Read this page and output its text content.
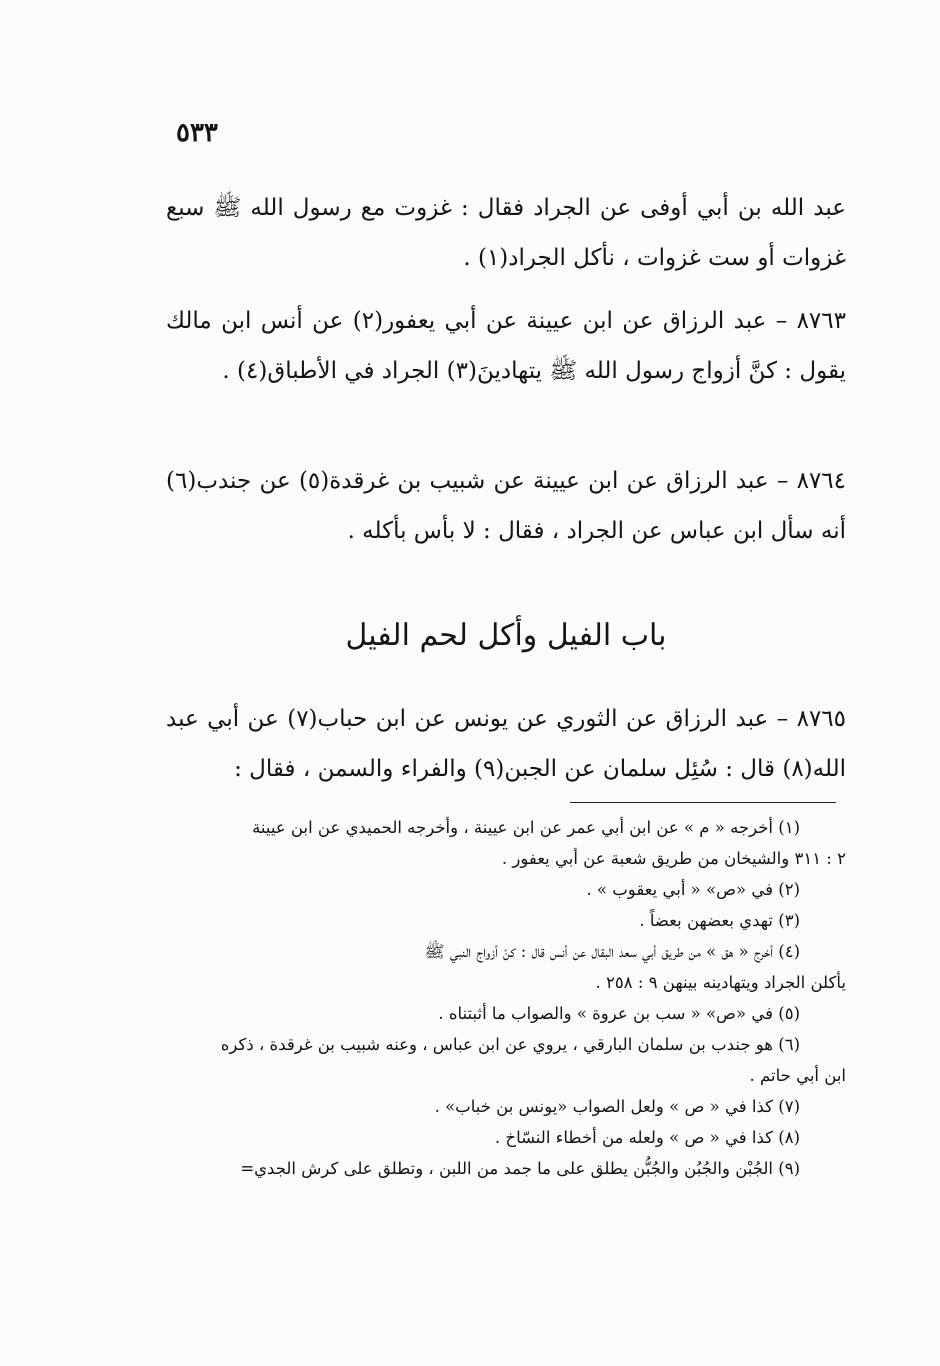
٥٣٣

عبد الله بن أبي أوفى عن الجراد فقال : غزوت مع رسول الله ﷺ سبع غزوات أو ست غزوات ، نأكل الجراد(١) .

٨٧٦٣ – عبد الرزاق عن ابن عيينة عن أبي يعفور(٢) عن أنس ابن مالك يقول : كنَّ أزواج رسول الله ﷺ يتهادينَ(٣) الجراد في الأطباق(٤) .

٨٧٦٤ – عبد الرزاق عن ابن عيينة عن شبيب بن غرقدة(٥) عن جندب(٦) أنه سأل ابن عباس عن الجراد ، فقال : لا بأس بأكله .

باب الفيل وأكل لحم الفيل

٨٧٦٥ – عبد الرزاق عن الثوري عن يونس عن ابن حباب(٧) عن أبي عبد الله(٨) قال : سُئِل سلمان عن الجبن(٩) والفراء والسمن ، فقال :

(١) أخرجه « م » عن ابن أبي عمر عن ابن عيينة ، وأخرجه الحميدي عن ابن عيينة

٢ : ٣١١ والشيخان من طريق شعبة عن أبي يعفور .

(٢) في «ص» « أبي يعقوب » .

(٣) تهدي بعضهن بعضاً .

(٤) أخرج « هق » من طريق أبي سعد البقال عن أنس قال : كنّ أزواج النبي ﷺ

يأكلن الجراد ويتهادينه بينهن ٩ : ٢٥٨ .

(٥) في «ص» « سب بن عروة » والصواب ما أثبتناه .

(٦) هو جندب بن سلمان البارقي ، يروي عن ابن عباس ، وعنه شبيب بن غرقدة ، ذكره

ابن أبي حاتم .

(٧) كذا في « ص » ولعل الصواب «يونس بن خباب» .

(٨) كذا في « ص » ولعله من أخطاء النسّاخ .

(٩) الجُبْن والجُبُن والجُبُّن يطلق على ما جمد من اللبن ، وتطلق على كرش الجدي=
